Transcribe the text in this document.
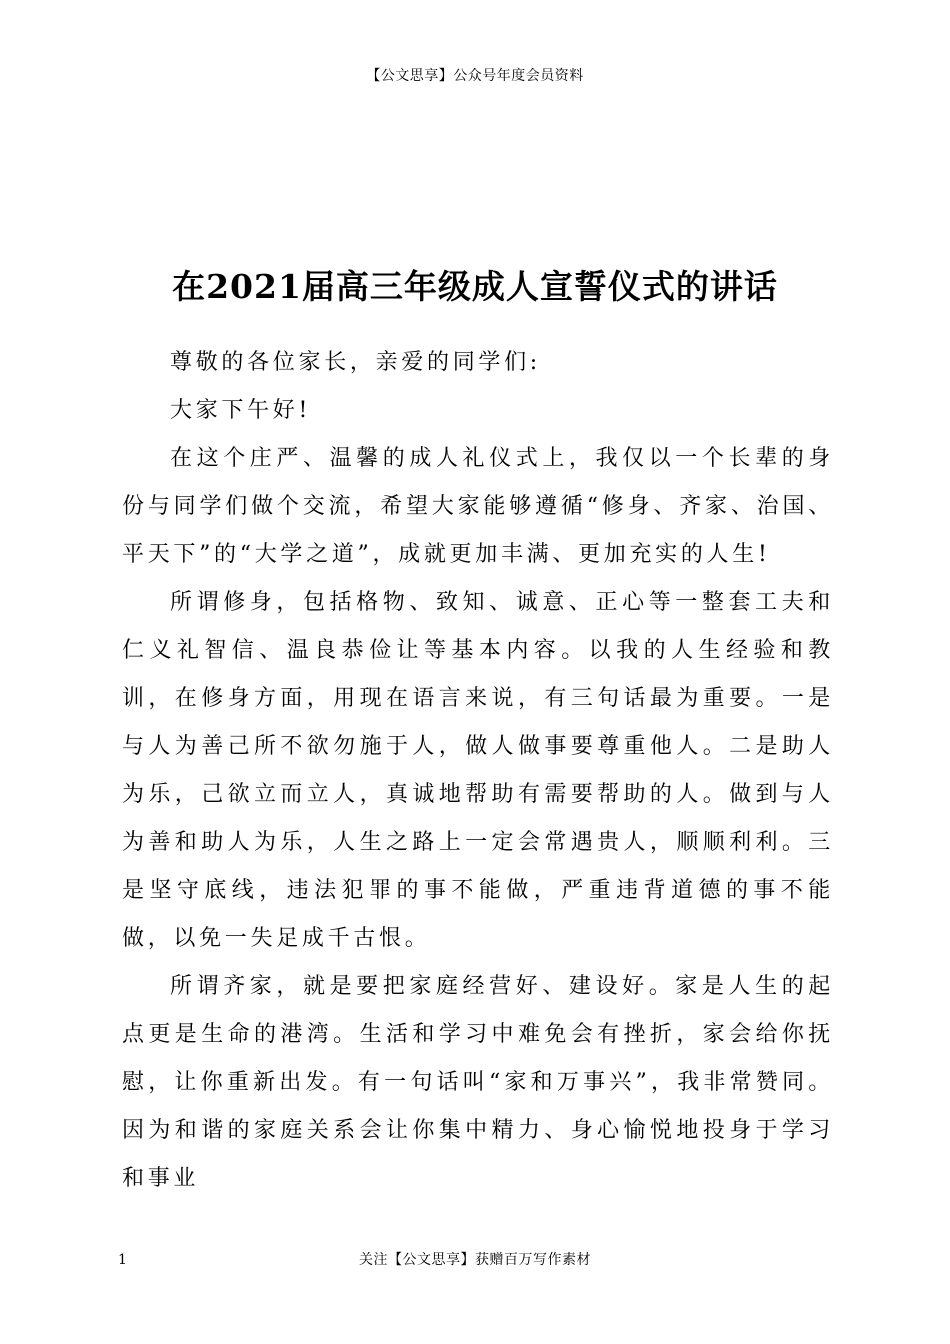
【公文思享】公众号年度会员资料
在2021届高三年级成人宣誓仪式的讲话

尊敬的各位家长，亲爱的同学们:

大家下午好!

在这个庄严、温馨的成人礼仪式上，我仅以一个长辈的身份与同学们做个交流，希望大家能够遵循“修身、齐家、治国、平天下”的“大学之道”，成就更加丰满、更加充实的人生!

所谓修身，包括格物、致知、诚意、正心等一整套工夫和仁义礼智信、温良恭俭让等基本内容。以我的人生经验和教训，在修身方面，用现在语言来说，有三句话最为重要。一是与人为善己所不欲勿施于人，做人做事要尊重他人。二是助人为乐，己欲立而立人，真诚地帮助有需要帮助的人。做到与人为善和助人为乐，人生之路上一定会常遇贵人，顺顺利利。三是坚守底线，违法犯罪的事不能做，严重违背道德的事不能做，以免一失足成千古恨。

所谓齐家，就是要把家庭经营好、建设好。家是人生的起点更是生命的港湾。生活和学习中难免会有挫折，家会给你抚慰，让你重新出发。有一句话叫“家和万事兴”，我非常赞同。因为和谐的家庭关系会让你集中精力、身心愉悦地投身于学习和事业

1	关注【公文思享】获赠百万写作素材
